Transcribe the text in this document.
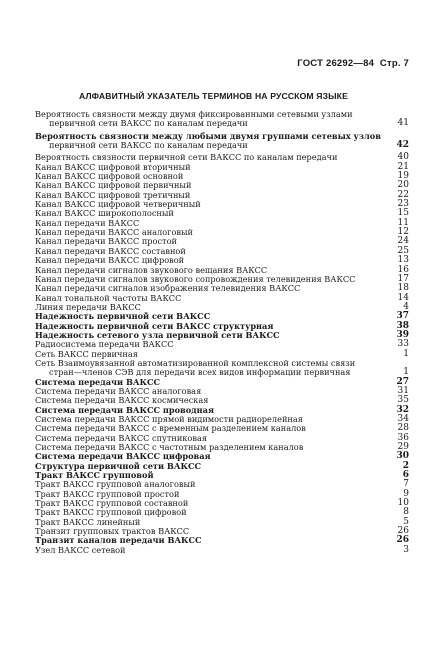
ГОСТ 26292—84 Стр. 7
АЛФАВИТНЫЙ УКАЗАТЕЛЬ ТЕРМИНОВ НА РУССКОМ ЯЗЫКЕ
Вероятность связности между двумя фиксированными сетевыми узлами
первичной сети ВАКСС по каналам передачи	41
Вероятность связности между любыми двумя группами сетевых узлов
первичной сети ВАКСС по каналам передачи	42
Вероятность связности первичной сети ВАКСС по каналам передачи	40
Канал ВАКСС цифровой вторичный	21
Канал ВАКСС цифровой основной	19
Канал ВАКСС цифровой первичный	20
Канал ВАКСС цифровой третичный	22
Канал ВАКСС цифровой четверичный	23
Канал ВАКСС широкополосный	15
Канал передачи ВАКСС	11
Канал передачи ВАКСС аналоговый	12
Канал передачи ВАКСС простой	24
Канал передачи ВАКСС составной	25
Канал передачи ВАКСС цифровой	13
Канал передачи сигналов звукового вещания ВАКСС	16
Канал передачи сигналов звукового сопровождения телевидения ВАКСС	17
Канал передачи сигналов изображения телевидения ВАКСС	18
Канал тональной частоты ВАКСС	14
Линия передачи ВАКСС	4
Надежность первичной сети ВАКСС	37
Надежность первичной сети ВАКСС структурная	38
Надежность сетевого узла первичной сети ВАКСС	39
Радиосистема передачи ВАКСС	33
Сеть ВАКСС первичная	1
Сеть Взаимоувязанной автоматизированной комплексной системы связи
стран—членов СЭВ для передачи всех видов информации первичная	1
Система передачи ВАКСС	27
Система передачи ВАКСС аналоговая	31
Система передачи ВАКСС космическая	35
Система передачи ВАКСС проводная	32
Система передачи ВАКСС прямой видимости радиорелейная	34
Система передачи ВАКСС с временным разделением каналов	28
Система передачи ВАКСС спутниковая	36
Система передачи ВАКСС с частотным разделением каналов	29
Система передачи ВАКСС цифровая	30
Структура первичной сети ВАКСС	2
Тракт ВАКСС групповой	6
Тракт ВАКСС групповой аналоговый	7
Тракт ВАКСС групповой простой	9
Тракт ВАКСС групповой составной	10
Тракт ВАКСС групповой цифровой	8
Тракт ВАКСС линейный	5
Транзит групповых трактов ВАКСС	26
Транзит каналов передачи ВАКСС	26
Узел ВАКСС сетевой	3
